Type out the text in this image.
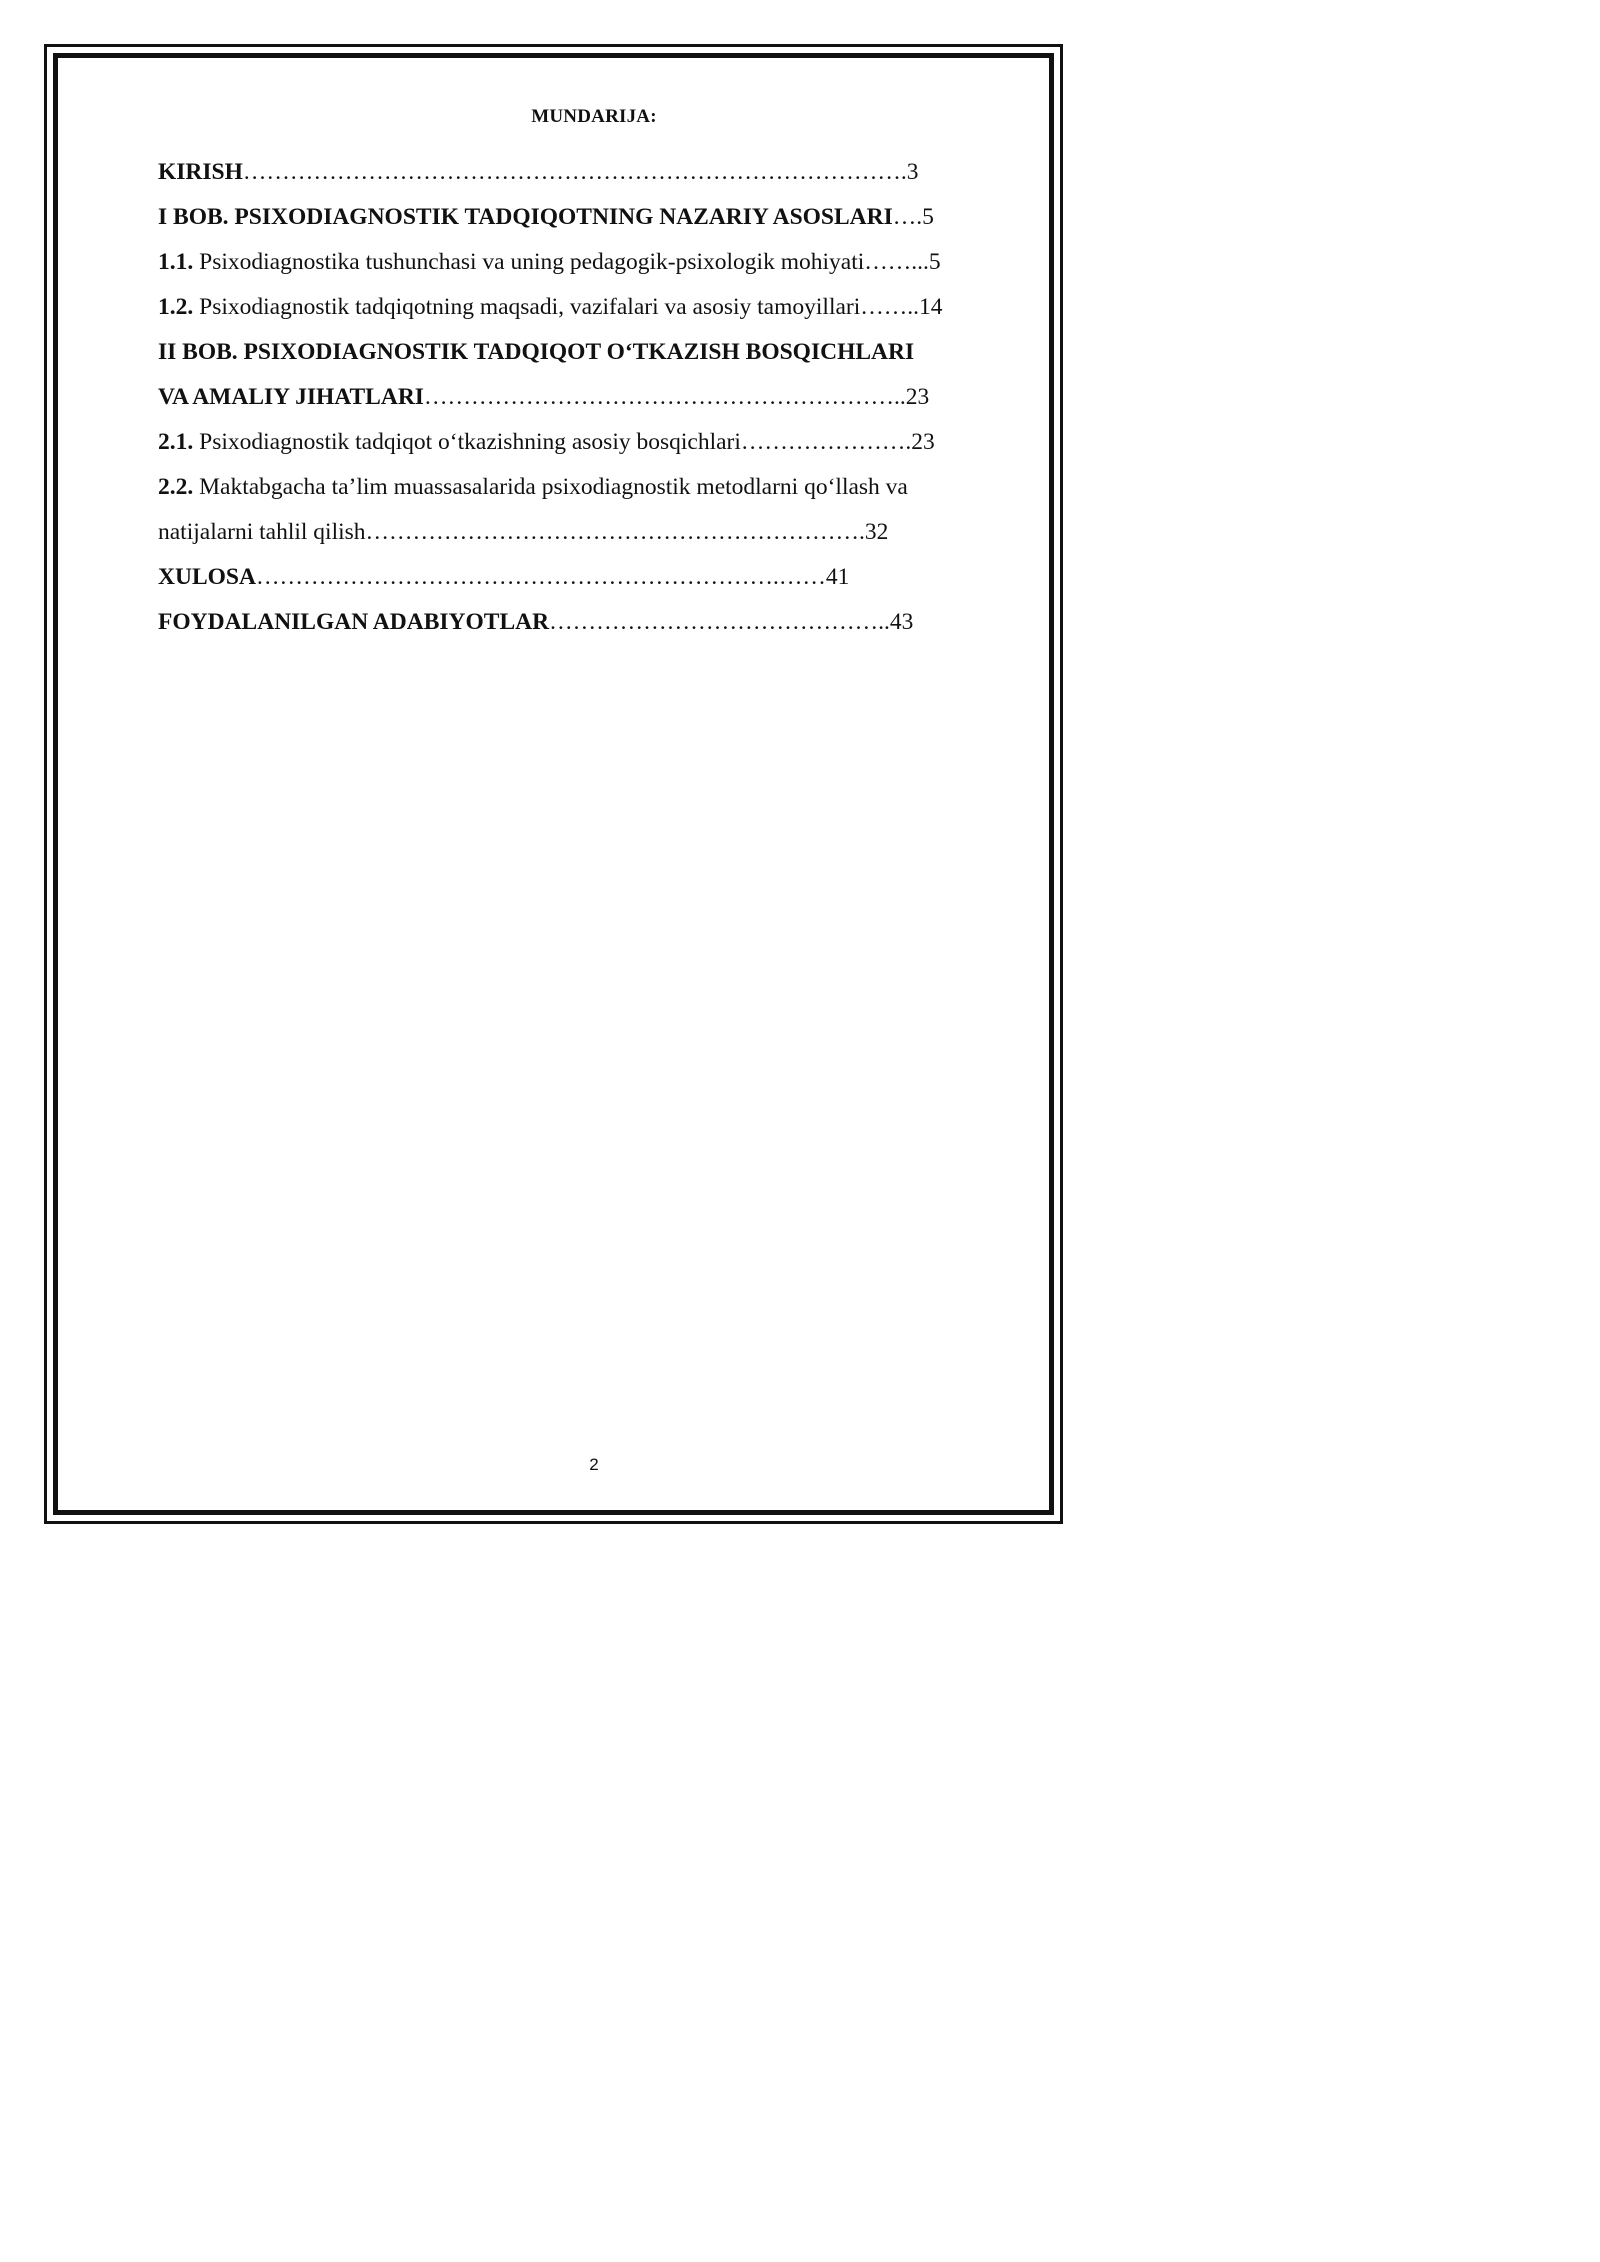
MUNDARIJA:
KIRISH………………………………………………………………………….3
I BOB. PSIXODIAGNOSTIK TADQIQOTNING NAZARIY ASOSLARI….5
1.1. Psixodiagnostika tushunchasi va uning pedagogik-psixologik mohiyati……...5
1.2. Psixodiagnostik tadqiqotning maqsadi, vazifalari va asosiy tamoyillari……..14
II BOB. PSIXODIAGNOSTIK TADQIQOT O‘TKAZISH BOSQICHLARI
VA AMALIY JIHATLARI……………………………………………………..23
2.1. Psixodiagnostik tadqiqot o‘tkazishning asosiy bosqichlari………………….23
2.2. Maktabgacha ta’lim muassasalarida psixodiagnostik metodlarni qo‘llash va
natijalarni tahlil qilish……………………………………………………….32
XULOSA………………………………………………………….……41
FOYDALANILGAN ADABIYOTLAR……………………………………..43
2
